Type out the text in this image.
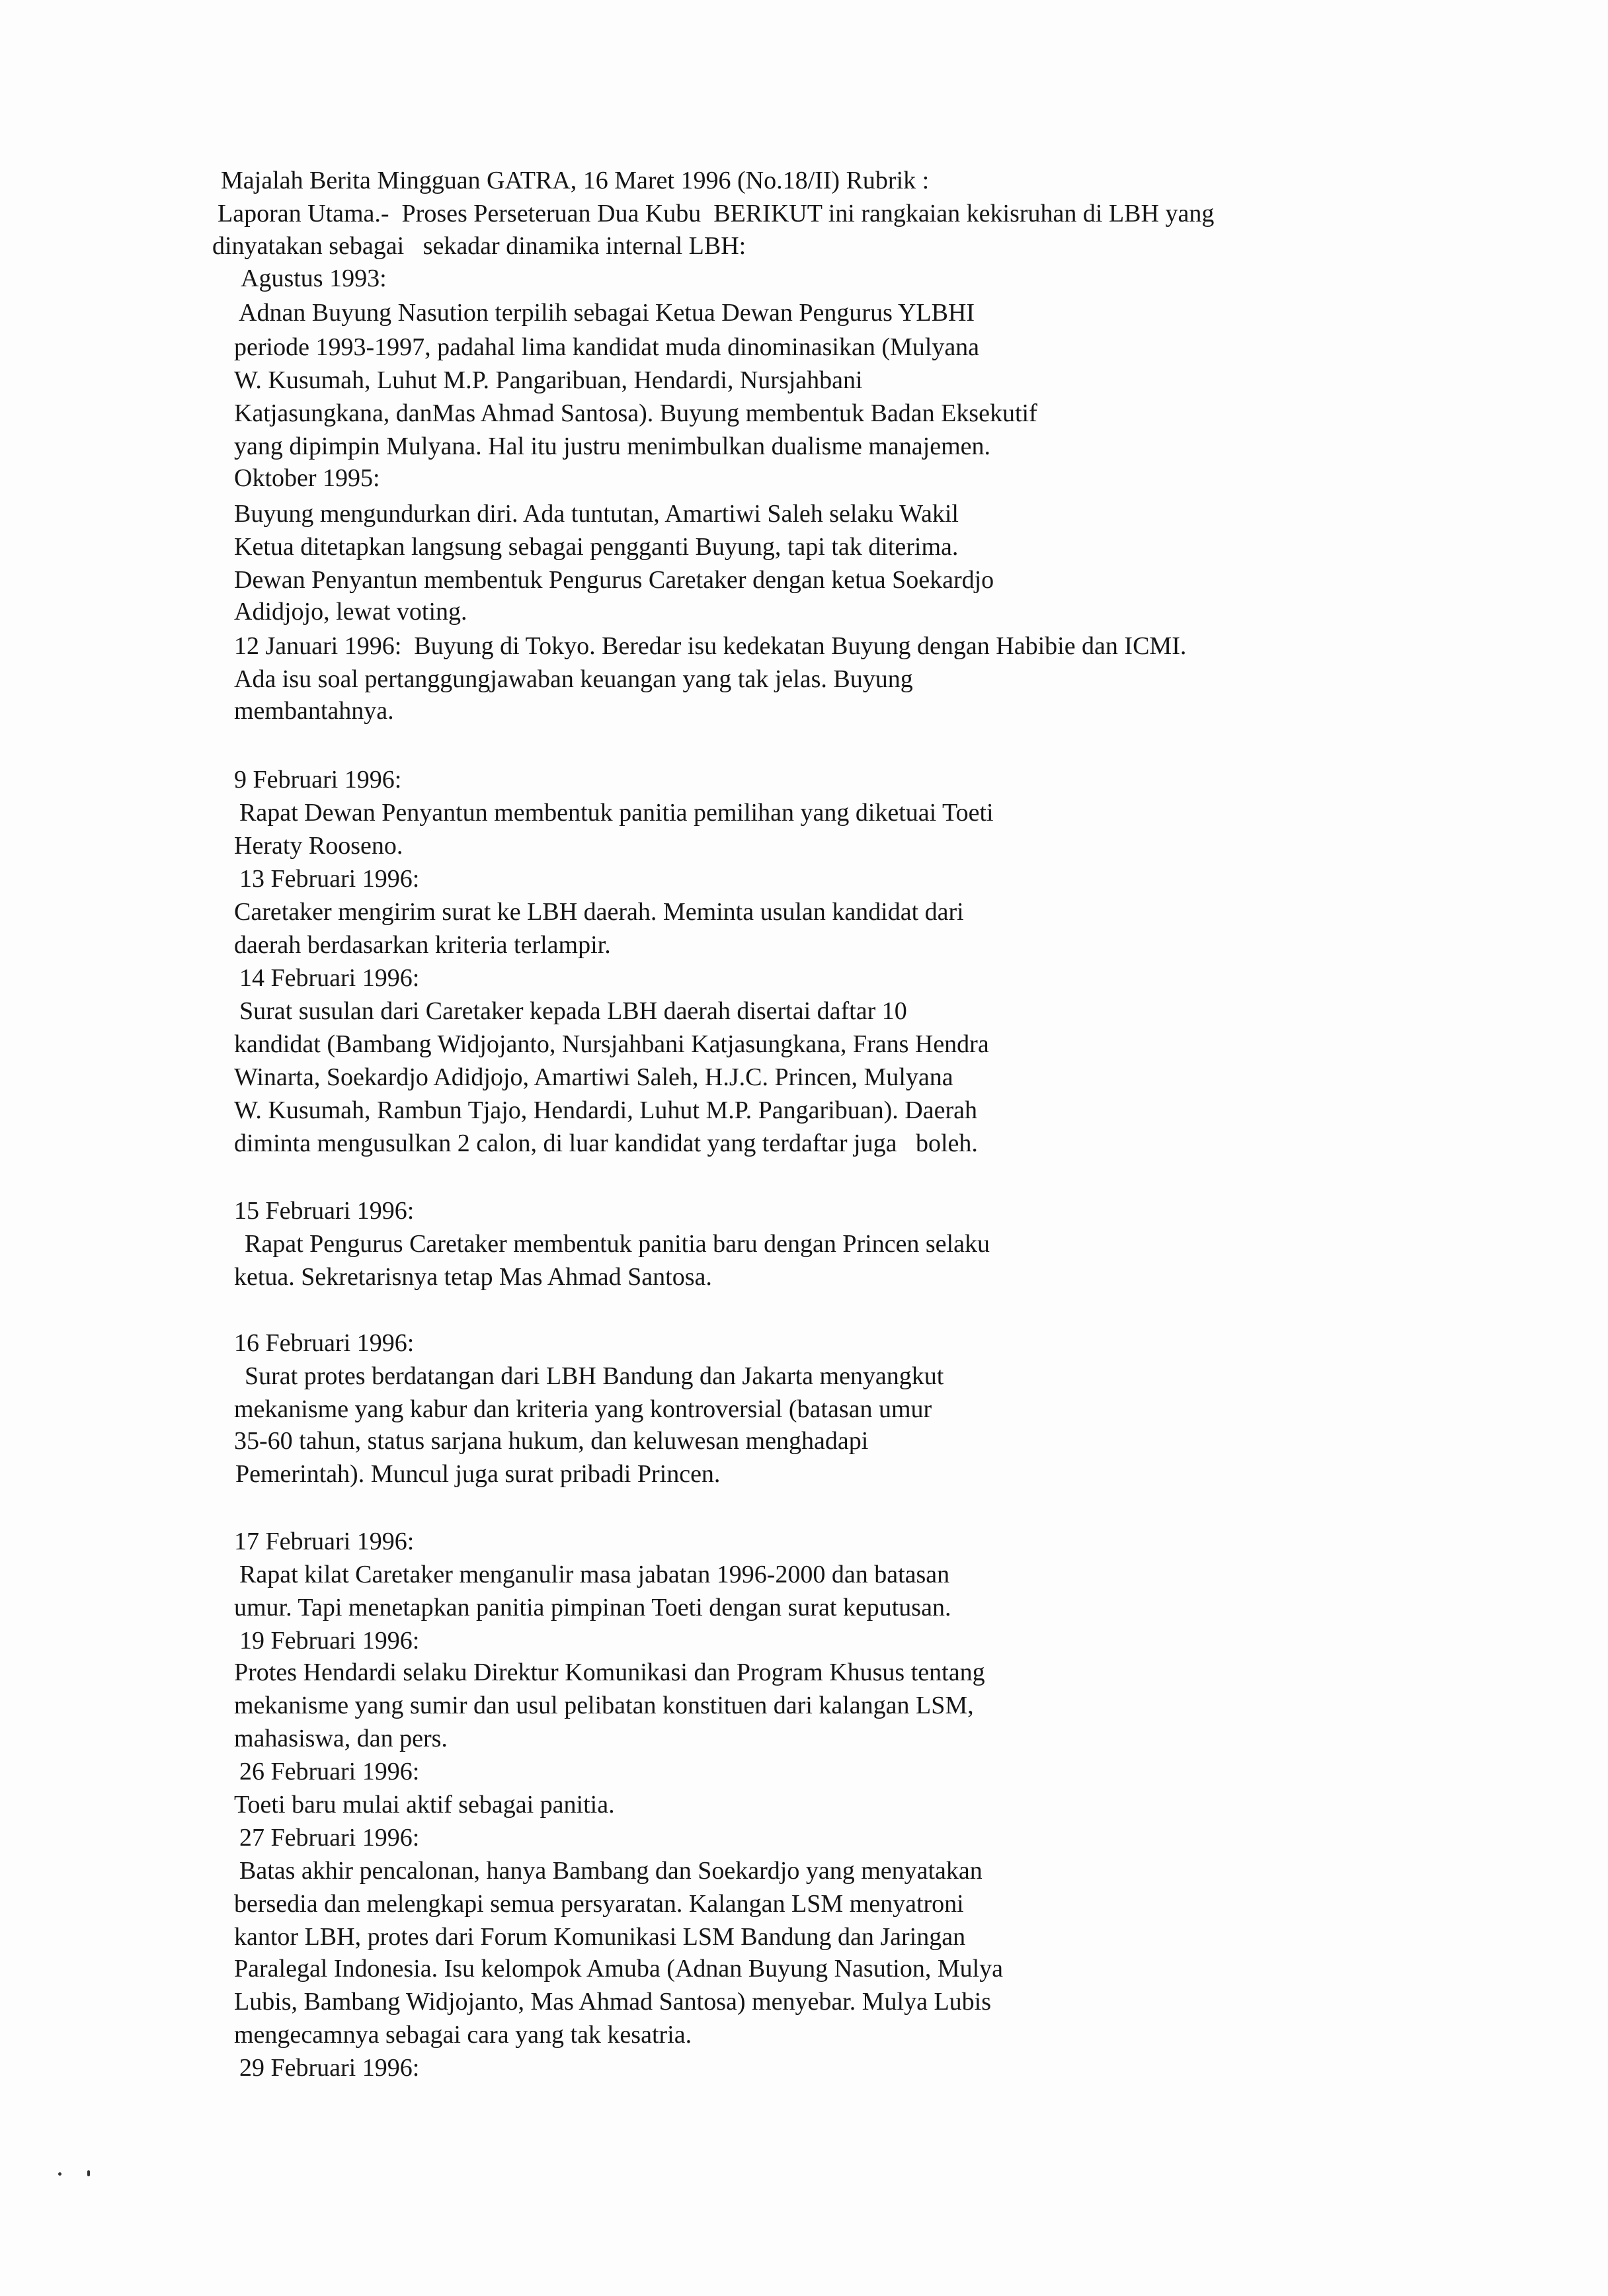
Majalah Berita Mingguan GATRA, 16 Maret 1996 (No.18/II) Rubrik :
Laporan Utama.-  Proses Perseteruan Dua Kubu  BERIKUT ini rangkaian kekisruhan di LBH yang
dinyatakan sebagai   sekadar dinamika internal LBH:
Agustus 1993:
Adnan Buyung Nasution terpilih sebagai Ketua Dewan Pengurus YLBHI
periode 1993-1997, padahal lima kandidat muda dinominasikan (Mulyana
W. Kusumah, Luhut M.P. Pangaribuan, Hendardi, Nursjahbani
Katjasungkana, danMas Ahmad Santosa). Buyung membentuk Badan Eksekutif
yang dipimpin Mulyana. Hal itu justru menimbulkan dualisme manajemen.
Oktober 1995:
Buyung mengundurkan diri. Ada tuntutan, Amartiwi Saleh selaku Wakil
Ketua ditetapkan langsung sebagai pengganti Buyung, tapi tak diterima.
Dewan Penyantun membentuk Pengurus Caretaker dengan ketua Soekardjo
Adidjojo, lewat voting.
12 Januari 1996:  Buyung di Tokyo. Beredar isu kedekatan Buyung dengan Habibie dan ICMI.
Ada isu soal pertanggungjawaban keuangan yang tak jelas. Buyung
membantahnya.
9 Februari 1996:
Rapat Dewan Penyantun membentuk panitia pemilihan yang diketuai Toeti
Heraty Rooseno.
13 Februari 1996:
Caretaker mengirim surat ke LBH daerah. Meminta usulan kandidat dari
daerah berdasarkan kriteria terlampir.
14 Februari 1996:
Surat susulan dari Caretaker kepada LBH daerah disertai daftar 10
kandidat (Bambang Widjojanto, Nursjahbani Katjasungkana, Frans Hendra
Winarta, Soekardjo Adidjojo, Amartiwi Saleh, H.J.C. Princen, Mulyana
W. Kusumah, Rambun Tjajo, Hendardi, Luhut M.P. Pangaribuan). Daerah
diminta mengusulkan 2 calon, di luar kandidat yang terdaftar juga   boleh.
15 Februari 1996:
Rapat Pengurus Caretaker membentuk panitia baru dengan Princen selaku
ketua. Sekretarisnya tetap Mas Ahmad Santosa.
16 Februari 1996:
Surat protes berdatangan dari LBH Bandung dan Jakarta menyangkut
mekanisme yang kabur dan kriteria yang kontroversial (batasan umur
35-60 tahun, status sarjana hukum, dan keluwesan menghadapi
Pemerintah). Muncul juga surat pribadi Princen.
17 Februari 1996:
Rapat kilat Caretaker menganulir masa jabatan 1996-2000 dan batasan
umur. Tapi menetapkan panitia pimpinan Toeti dengan surat keputusan.
19 Februari 1996:
Protes Hendardi selaku Direktur Komunikasi dan Program Khusus tentang
mekanisme yang sumir dan usul pelibatan konstituen dari kalangan LSM,
mahasiswa, dan pers.
26 Februari 1996:
Toeti baru mulai aktif sebagai panitia.
27 Februari 1996:
Batas akhir pencalonan, hanya Bambang dan Soekardjo yang menyatakan
bersedia dan melengkapi semua persyaratan. Kalangan LSM menyatroni
kantor LBH, protes dari Forum Komunikasi LSM Bandung dan Jaringan
Paralegal Indonesia. Isu kelompok Amuba (Adnan Buyung Nasution, Mulya
Lubis, Bambang Widjojanto, Mas Ahmad Santosa) menyebar. Mulya Lubis
mengecamnya sebagai cara yang tak kesatria.
29 Februari 1996:
